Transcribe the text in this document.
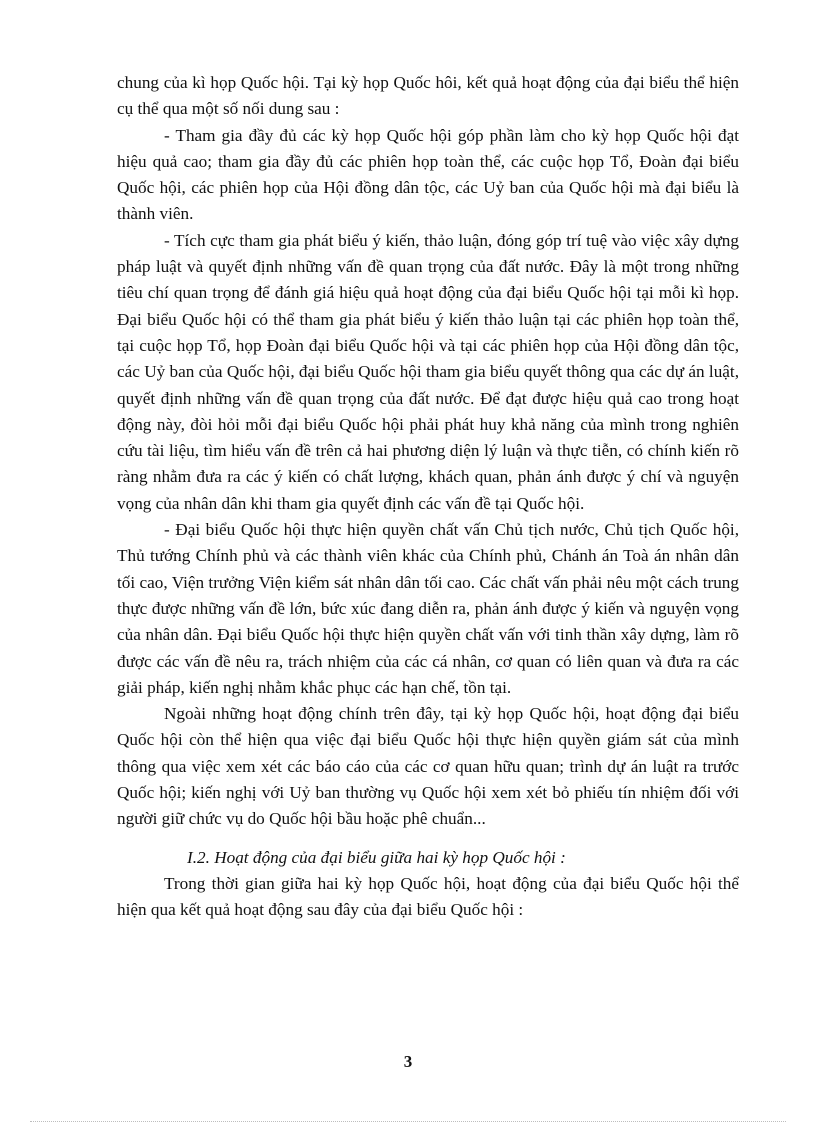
chung của kì họp Quốc hội. Tại kỳ họp Quốc hôi, kết quả hoạt động của đại biểu thể hiện cụ thể qua một số nối dung sau :

- Tham gia đầy đủ các kỳ họp Quốc hội góp phần làm cho kỳ họp Quốc hội đạt hiệu quả cao; tham gia đầy đủ các phiên họp toàn thể, các cuộc họp Tổ, Đoàn đại biểu Quốc hội, các phiên họp của Hội đồng dân tộc, các Uỷ ban của Quốc hội mà đại biểu là thành viên.

- Tích cực tham gia phát biểu ý kiến, thảo luận, đóng góp trí tuệ vào việc xây dựng pháp luật và quyết định những vấn đề quan trọng của đất nước. Đây là một trong những tiêu chí quan trọng để đánh giá hiệu quả hoạt động của đại biểu Quốc hội tại mỗi kì họp. Đại biểu Quốc hội có thể tham gia phát biểu ý kiến thảo luận tại các phiên họp toàn thể, tại cuộc họp Tổ, họp Đoàn đại biểu Quốc hội và tại các phiên họp của Hội đồng dân tộc, các Uỷ ban của Quốc hội, đại biểu Quốc hội tham gia biểu quyết thông qua các dự án luật, quyết định những vấn đề quan trọng của đất nước. Để đạt được hiệu quả cao trong hoạt động này, đòi hỏi mỗi đại biểu Quốc hội phải phát huy khả năng của mình trong nghiên cứu tài liệu, tìm hiểu vấn đề trên cả hai phương diện lý luận và thực tiễn, có chính kiến rõ ràng nhằm đưa ra các ý kiến có chất lượng, khách quan, phản ánh được ý chí và nguyện vọng của nhân dân khi tham gia quyết định các vấn đề tại Quốc hội.

- Đại biểu Quốc hội thực hiện quyền chất vấn Chủ tịch nước, Chủ tịch Quốc hội, Thủ tướng Chính phủ và các thành viên khác của Chính phủ, Chánh án Toà án nhân dân tối cao, Viện trưởng Viện kiểm sát nhân dân tối cao. Các chất vấn phải nêu một cách trung thực được những vấn đề lớn, bức xúc đang diễn ra, phản ánh được ý kiến và nguyện vọng của nhân dân. Đại biểu Quốc hội thực hiện quyền chất vấn với tinh thần xây dựng, làm rõ được các vấn đề nêu ra, trách nhiệm của các cá nhân, cơ quan có liên quan và đưa ra các giải pháp, kiến nghị nhằm khắc phục các hạn chế, tồn tại.

Ngoài những hoạt động chính trên đây, tại kỳ họp Quốc hội, hoạt động đại biểu Quốc hội còn thể hiện qua việc đại biểu Quốc hội thực hiện quyền giám sát của mình thông qua việc xem xét các báo cáo của các cơ quan hữu quan; trình dự án luật ra trước Quốc hội; kiến nghị với Uỷ ban thường vụ Quốc hội xem xét bỏ phiếu tín nhiệm đối với người giữ chức vụ do Quốc hội bầu hoặc phê chuẩn...

I.2. Hoạt động của đại biểu giữa hai kỳ họp Quốc hội :

Trong thời gian giữa hai kỳ họp Quốc hội, hoạt động của đại biểu Quốc hội thể hiện qua kết quả hoạt động sau đây của đại biểu Quốc hội :

3
